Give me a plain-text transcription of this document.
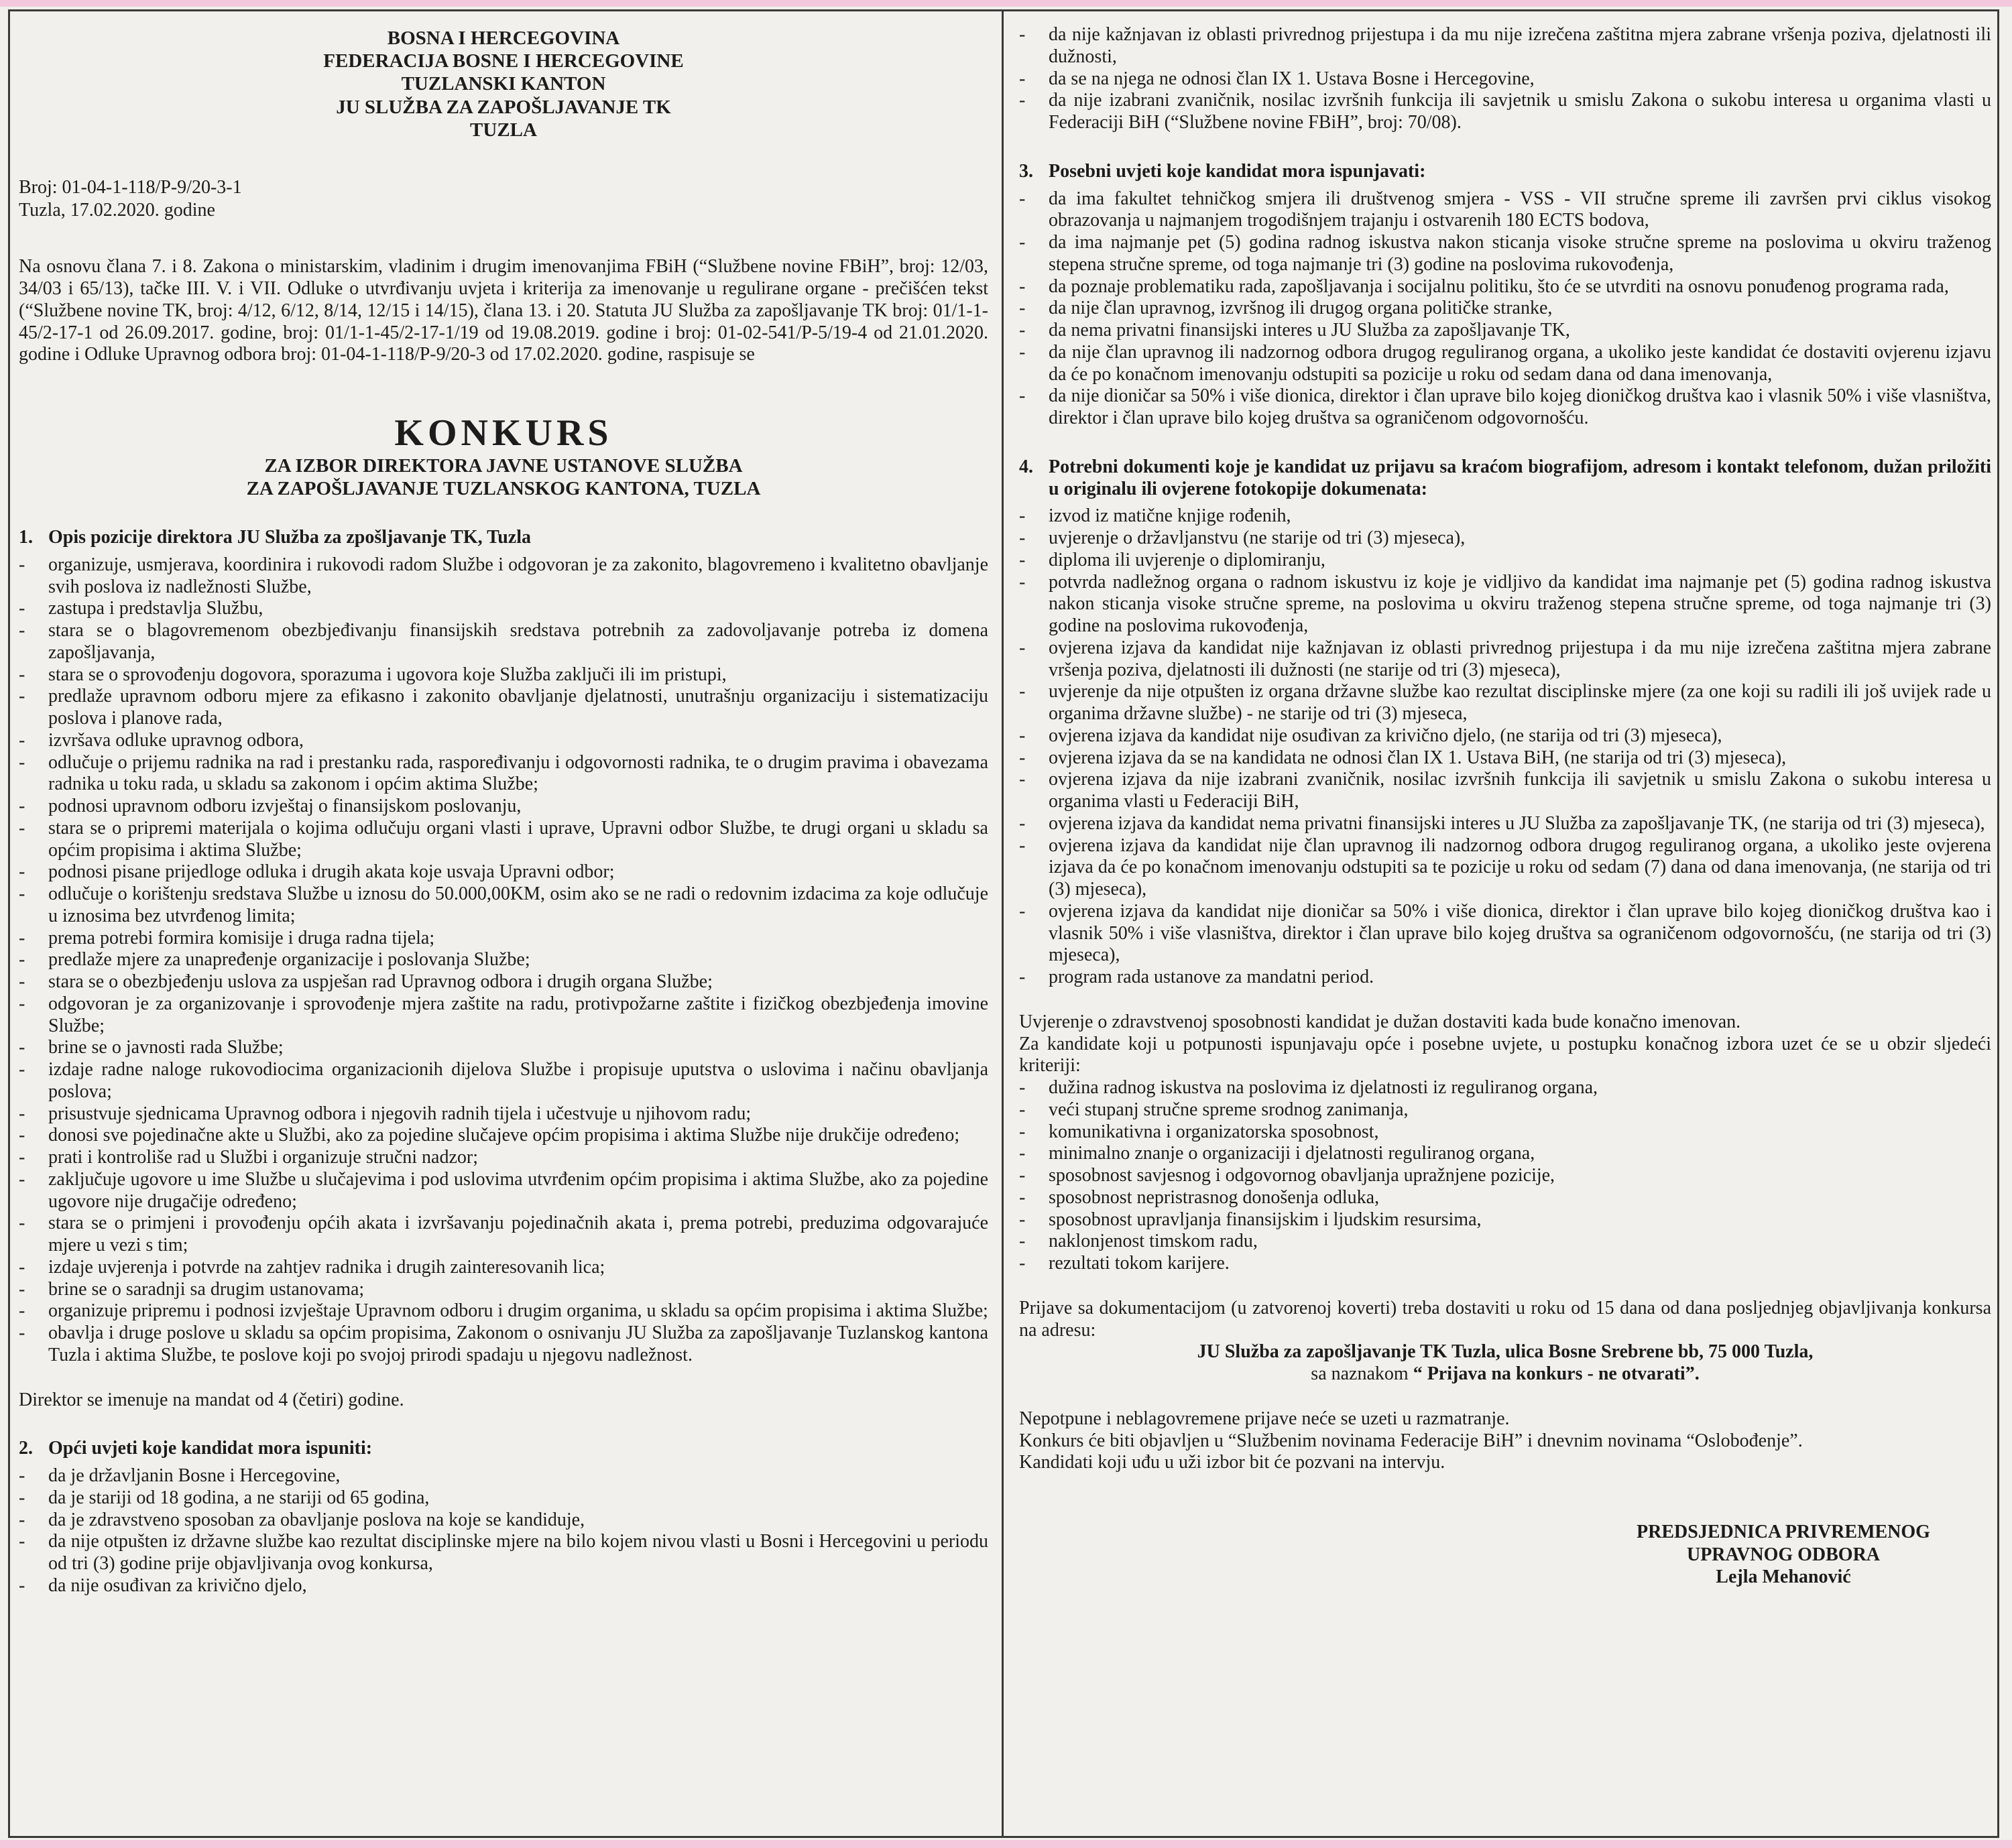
BOSNA I HERCEGOVINA
FEDERACIJA BOSNE I HERCEGOVINE
TUZLANSKI KANTON
JU SLUŽBA ZA ZAPOŠLJAVANJE TK
TUZLA

Broj: 01-04-1-118/P-9/20-3-1

Tuzla, 17.02.2020. godine

Na osnovu člana 7. i 8. Zakona o ministarskim, vladinim i drugim imenovanjima FBiH (“Službene novine FBiH”, broj: 12/03, 34/03 i 65/13), tačke III. V. i VII. Odluke o utvrđivanju uvjeta i kriterija za imenovanje u regulirane organe - prečišćen tekst (“Službene novine TK, broj: 4/12, 6/12, 8/14, 12/15 i 14/15), člana 13. i 20. Statuta JU Služba za zapošljavanje TK broj: 01/1-1-45/2-17-1 od 26.09.2017. godine, broj: 01/1-1-45/2-17-1/19 od 19.08.2019. godine i broj: 01-02-541/P-5/19-4 od 21.01.2020. godine i Odluke Upravnog odbora broj: 01-04-1-118/P-9/20-3 od 17.02.2020. godine, raspisuje se

KONKURS
ZA IZBOR DIREKTORA JAVNE USTANOVE SLUŽBA
ZA ZAPOŠLJAVANJE TUZLANSKOG KANTONA, TUZLA
1. Opis pozicije direktora JU Služba za zpošljavanje TK, Tuzla
-	organizuje, usmjerava, koordinira i rukovodi radom Službe i odgovoran je za zakonito, blagovremeno i kvalitetno obavljanje svih poslova iz nadležnosti Službe,
-	zastupa i predstavlja Službu,
-	stara se o blagovremenom obezbjeđivanju finansijskih sredstava potrebnih za zadovoljavanje potreba iz domena zapošljavanja,
-	stara se o sprovođenju dogovora, sporazuma i ugovora koje Služba zaključi ili im pristupi,
-	predlaže upravnom odboru mjere za efikasno i zakonito obavljanje djelatnosti, unutrašnju organizaciju i sistematizaciju poslova i planove rada,
-	izvršava odluke upravnog odbora,
-	odlučuje o prijemu radnika na rad i prestanku rada, raspoređivanju i odgovornosti radnika, te o drugim pravima i obavezama radnika u toku rada, u skladu sa zakonom i općim aktima Službe;
-	podnosi upravnom odboru izvještaj o finansijskom poslovanju,
-	stara se o pripremi materijala o kojima odlučuju organi vlasti i uprave, Upravni odbor Službe, te drugi organi u skladu sa općim propisima i aktima Službe;
-	podnosi pisane prijedloge odluka i drugih akata koje usvaja Upravni odbor;
-	odlučuje o korištenju sredstava Službe u iznosu do 50.000,00KM, osim ako se ne radi o redovnim izdacima za koje odlučuje u iznosima bez utvrđenog limita;
-	prema potrebi formira komisije i druga radna tijela;
-	predlaže mjere za unapređenje organizacije i poslovanja Službe;
-	stara se o obezbjeđenju uslova za uspješan rad Upravnog odbora i drugih organa Službe;
-	odgovoran je za organizovanje i sprovođenje mjera zaštite na radu, protivpožarne zaštite i fizičkog obezbjeđenja imovine Službe;
-	brine se o javnosti rada Službe;
-	izdaje radne naloge rukovodiocima organizacionih dijelova Službe i propisuje uputstva o uslovima i načinu obavljanja poslova;
-	prisustvuje sjednicama Upravnog odbora i njegovih radnih tijela i učestvuje u njihovom radu;
-	donosi sve pojedinačne akte u Službi, ako za pojedine slučajeve općim propisima i aktima Službe nije drukčije određeno;
-	prati i kontroliše rad u Službi i organizuje stručni nadzor;
-	zaključuje ugovore u ime Službe u slučajevima i pod uslovima utvrđenim općim propisima i aktima Službe, ako za pojedine ugovore nije drugačije određeno;
-	stara se o primjeni i provođenju općih akata i izvršavanju pojedinačnih akata i, prema potrebi, preduzima odgovarajuće mjere u vezi s tim;
-	izdaje uvjerenja i potvrde na zahtjev radnika i drugih zainteresovanih lica;
-	brine se o saradnji sa drugim ustanovama;
-	organizuje pripremu i podnosi izvještaje Upravnom odboru i drugim organima, u skladu sa općim propisima i aktima Službe;
-	obavlja i druge poslove u skladu sa općim propisima, Zakonom o osnivanju JU Služba za zapošljavanje Tuzlanskog kantona Tuzla i aktima Službe, te poslove koji po svojoj prirodi spadaju u njegovu nadležnost.

Direktor se imenuje na mandat od 4 (četiri) godine.

2. Opći uvjeti koje kandidat mora ispuniti:
-	da je državljanin Bosne i Hercegovine,
-	da je stariji od 18 godina, a ne stariji od 65 godina,
-	da je zdravstveno sposoban za obavljanje poslova na koje se kandiduje,
-	da nije otpušten iz državne službe kao rezultat disciplinske mjere na bilo kojem nivou vlasti u Bosni i Hercegovini u periodu od tri (3) godine prije objavljivanja ovog konkursa,
-	da nije osuđivan za krivično djelo,
-	da nije kažnjavan iz oblasti privrednog prijestupa i da mu nije izrečena zaštitna mjera zabrane vršenja poziva, djelatnosti ili dužnosti,
-	da se na njega ne odnosi član IX 1. Ustava Bosne i Hercegovine,
-	da nije izabrani zvaničnik, nosilac izvršnih funkcija ili savjetnik u smislu Zakona o sukobu interesa u organima vlasti u Federaciji BiH (“Službene novine FBiH”, broj: 70/08).
3. Posebni uvjeti koje kandidat mora ispunjavati:
-	da ima fakultet tehničkog smjera ili društvenog smjera - VSS - VII stručne spreme ili završen prvi ciklus visokog obrazovanja u najmanjem trogodišnjem trajanju i ostvarenih 180 ECTS bodova,
-	da ima najmanje pet (5) godina radnog iskustva nakon sticanja visoke stručne spreme na poslovima u okviru traženog stepena stručne spreme, od toga najmanje tri (3) godine na poslovima rukovođenja,
-	da poznaje problematiku rada, zapošljavanja i socijalnu politiku, što će se utvrditi na osnovu ponuđenog programa rada,
-	da nije član upravnog, izvršnog ili drugog organa političke stranke,
-	da nema privatni finansijski interes u JU Služba za zapošljavanje TK,
-	da nije član upravnog ili nadzornog odbora drugog reguliranog organa, a ukoliko jeste kandidat će dostaviti ovjerenu izjavu da će po konačnom imenovanju odstupiti sa pozicije u roku od sedam dana od dana imenovanja,
-	da nije dioničar sa 50% i više dionica, direktor i član uprave bilo kojeg dioničkog društva kao i vlasnik 50% i više vlasništva, direktor i član uprave bilo kojeg društva sa ograničenom odgovornošću.
4. Potrebni dokumenti koje je kandidat uz prijavu sa kraćom biografijom, adresom i kontakt telefonom, dužan priložiti u originalu ili ovjerene fotokopije dokumenata:
-	izvod iz matične knjige rođenih,
-	uvjerenje o državljanstvu (ne starije od tri (3) mjeseca),
-	diploma ili uvjerenje o diplomiranju,
-	potvrda nadležnog organa o radnom iskustvu iz koje je vidljivo da kandidat ima najmanje pet (5) godina radnog iskustva nakon sticanja visoke stručne spreme, na poslovima u okviru traženog stepena stručne spreme, od toga najmanje tri (3) godine na poslovima rukovođenja,
-	ovjerena izjava da kandidat nije kažnjavan iz oblasti privrednog prijestupa i da mu nije izrečena zaštitna mjera zabrane vršenja poziva, djelatnosti ili dužnosti (ne starije od tri (3) mjeseca),
-	uvjerenje da nije otpušten iz organa državne službe kao rezultat disciplinske mjere (za one koji su radili ili još uvijek rade u organima državne službe) - ne starije od tri (3) mjeseca,
-	ovjerena izjava da kandidat nije osuđivan za krivično djelo, (ne starija od tri (3) mjeseca),
-	ovjerena izjava da se na kandidata ne odnosi član IX 1. Ustava BiH, (ne starija od tri (3) mjeseca),
-	ovjerena izjava da nije izabrani zvaničnik, nosilac izvršnih funkcija ili savjetnik u smislu Zakona o sukobu interesa u organima vlasti u Federaciji BiH,
-	ovjerena izjava da kandidat nema privatni finansijski interes u JU Služba za zapošljavanje TK, (ne starija od tri (3) mjeseca),
-	ovjerena izjava da kandidat nije član upravnog ili nadzornog odbora drugog reguliranog organa, a ukoliko jeste ovjerena izjava da će po konačnom imenovanju odstupiti sa te pozicije u roku od sedam (7) dana od dana imenovanja, (ne starija od tri (3) mjeseca),
-	ovjerena izjava da kandidat nije dioničar sa 50% i više dionica, direktor i član uprave bilo kojeg dioničkog društva kao i vlasnik 50% i više vlasništva, direktor i član uprave bilo kojeg društva sa ograničenom odgovornošću, (ne starija od tri (3) mjeseca),
-	program rada ustanove za mandatni period.

Uvjerenje o zdravstvenoj sposobnosti kandidat je dužan dostaviti kada bude konačno imenovan.

Za kandidate koji u potpunosti ispunjavaju opće i posebne uvjete, u postupku konačnog izbora uzet će se u obzir sljedeći kriteriji:

-	dužina radnog iskustva na poslovima iz djelatnosti iz reguliranog organa,
-	veći stupanj stručne spreme srodnog zanimanja,
-	komunikativna i organizatorska sposobnost,
-	minimalno znanje o organizaciji i djelatnosti reguliranog organa,
-	sposobnost savjesnog i odgovornog obavljanja upražnjene pozicije,
-	sposobnost nepristrasnog donošenja odluka,
-	sposobnost upravljanja finansijskim i ljudskim resursima,
-	naklonjenost timskom radu,
-	rezultati tokom karijere.

Prijave sa dokumentacijom (u zatvorenoj koverti) treba dostaviti u roku od 15 dana od dana posljednjeg objavljivanja konkursa na adresu:

JU Služba za zapošljavanje TK Tuzla, ulica Bosne Srebrene bb, 75 000 Tuzla,

sa naznakom “ Prijava na konkurs - ne otvarati”.

Nepotpune i neblagovremene prijave neće se uzeti u razmatranje.

Konkurs će biti objavljen u “Službenim novinama Federacije BiH” i dnevnim novinama “Oslobođenje”.

Kandidati koji uđu u uži izbor bit će pozvani na intervju.

PREDSJEDNICA PRIVREMENOG
UPRAVNOG ODBORA
Lejla Mehanović
